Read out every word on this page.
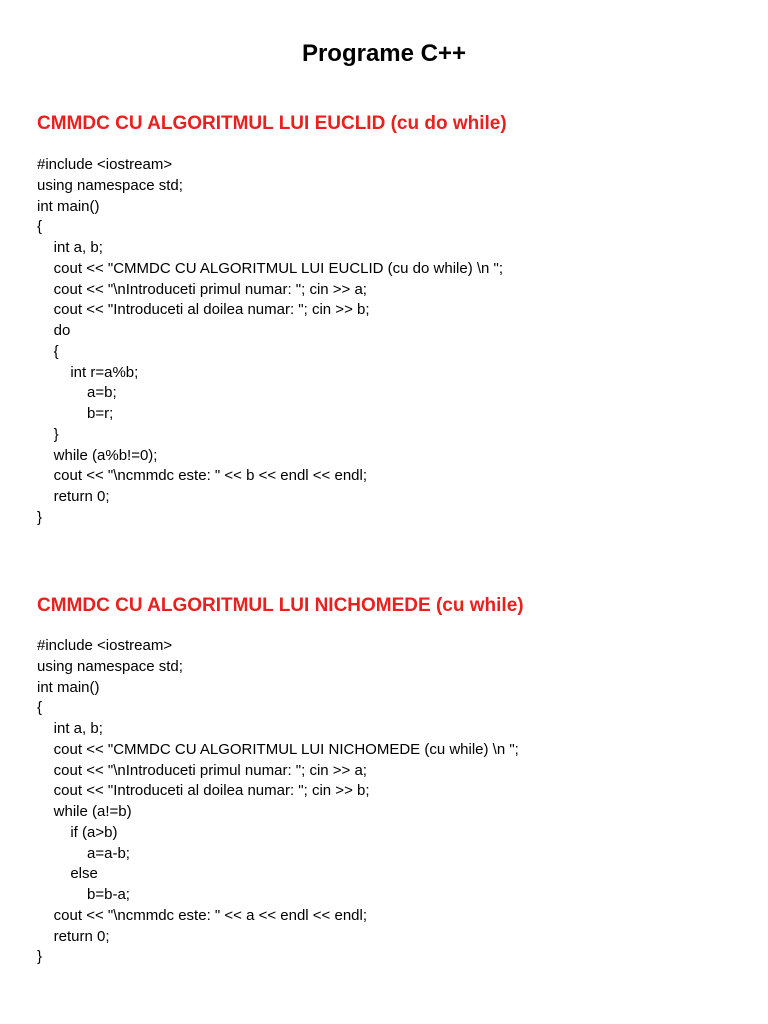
Programe C++
CMMDC CU ALGORITMUL LUI EUCLID (cu do while)
#include <iostream>
using namespace std;
int main()
{
int a, b;
cout << "CMMDC CU ALGORITMUL LUI EUCLID (cu do while) \n ";
cout << "\nIntroduceti primul numar: "; cin >> a;
cout << "Introduceti al doilea numar: "; cin >> b;
do
{
int r=a%b;
a=b;
b=r;
}
while (a%b!=0);
cout << "\ncmmdc este: " << b << endl << endl;
return 0;
}
CMMDC CU ALGORITMUL LUI NICHOMEDE (cu while)
#include <iostream>
using namespace std;
int main()
{
int a, b;
cout << "CMMDC CU ALGORITMUL LUI NICHOMEDE (cu while) \n ";
cout << "\nIntroduceti primul numar: "; cin >> a;
cout << "Introduceti al doilea numar: "; cin >> b;
while (a!=b)
if (a>b)
a=a-b;
else
b=b-a;
cout << "\ncmmdc este: " << a << endl << endl;
return 0;
}
